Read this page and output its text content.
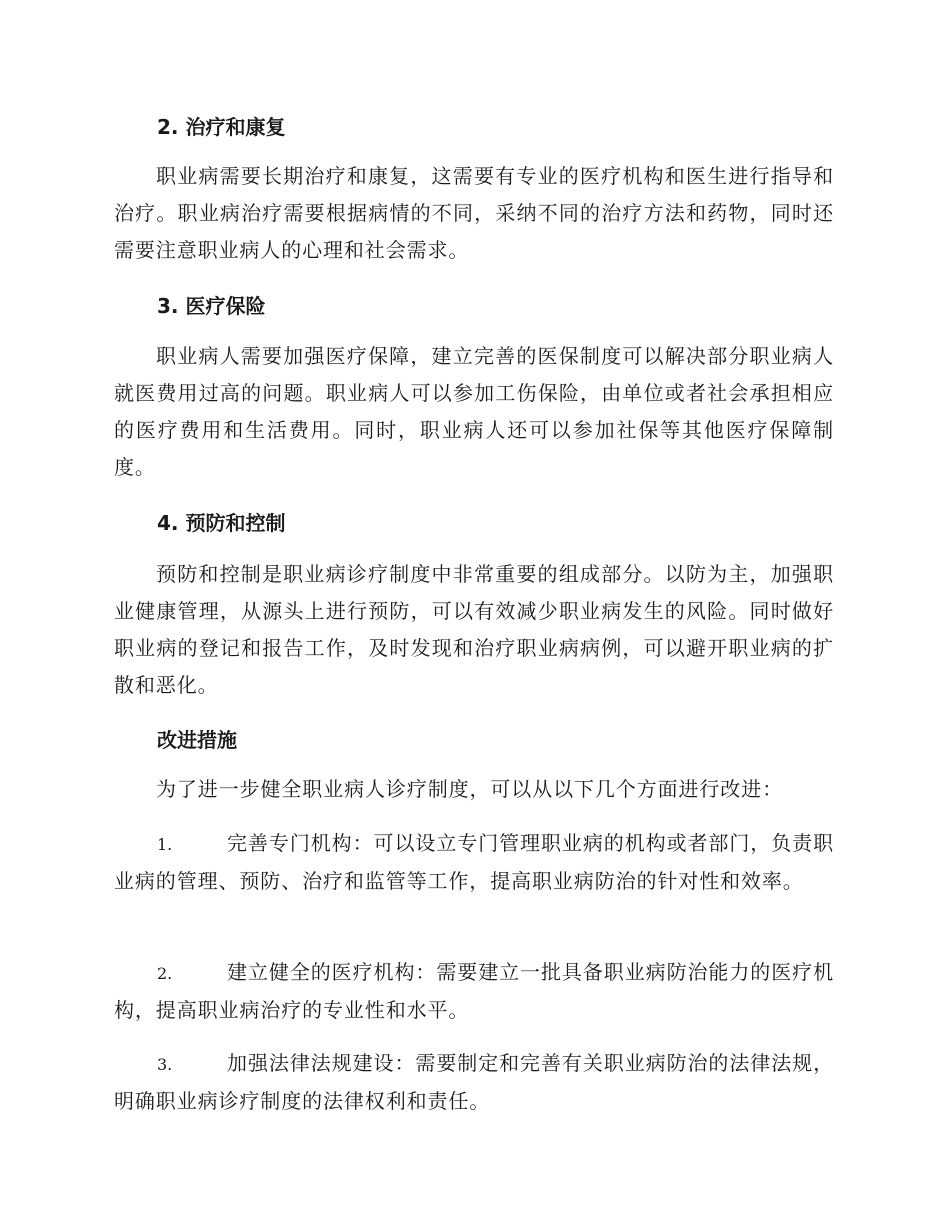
2. 治疗和康复
职业病需要长期治疗和康复，这需要有专业的医疗机构和医生进行指导和治疗。职业病治疗需要根据病情的不同，采纳不同的治疗方法和药物，同时还需要注意职业病人的心理和社会需求。
3. 医疗保险
职业病人需要加强医疗保障，建立完善的医保制度可以解决部分职业病人就医费用过高的问题。职业病人可以参加工伤保险，由单位或者社会承担相应的医疗费用和生活费用。同时，职业病人还可以参加社保等其他医疗保障制度。
4. 预防和控制
预防和控制是职业病诊疗制度中非常重要的组成部分。以防为主，加强职业健康管理，从源头上进行预防，可以有效减少职业病发生的风险。同时做好职业病的登记和报告工作，及时发现和治疗职业病病例，可以避开职业病的扩散和恶化。
改进措施
为了进一步健全职业病人诊疗制度，可以从以下几个方面进行改进：
1.	完善专门机构：可以设立专门管理职业病的机构或者部门，负责职业病的管理、预防、治疗和监管等工作，提高职业病防治的针对性和效率。
2.	建立健全的医疗机构：需要建立一批具备职业病防治能力的医疗机构，提高职业病治疗的专业性和水平。
3.	加强法律法规建设：需要制定和完善有关职业病防治的法律法规，明确职业病诊疗制度的法律权利和责任。
